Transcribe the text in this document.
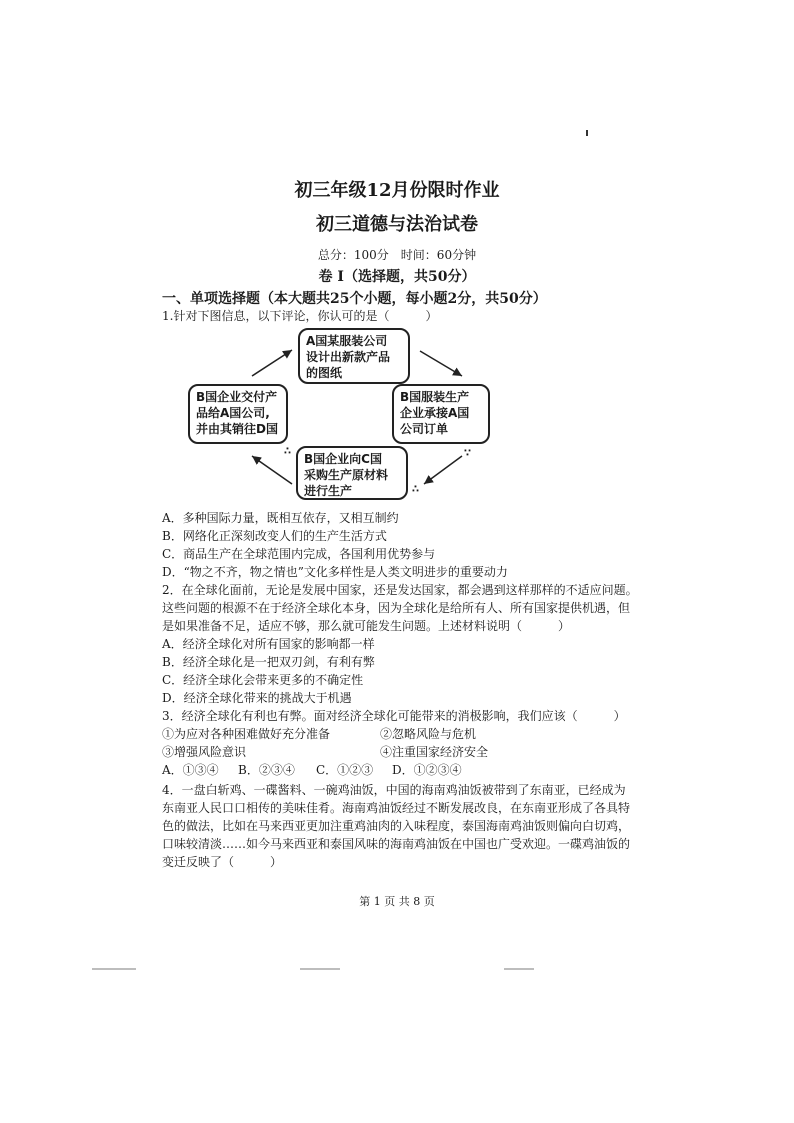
初三年级12月份限时作业
初三道德与法治试卷
总分：100分　时间：60分钟
卷 Ⅰ（选择题，共50分）
一、单项选择题（本大题共25个小题，每小题2分，共50分）
1.针对下图信息，以下评论，你认可的是（　　　）
A国某服装公司
设计出新款产品
的图纸
B国服装生产
企业承接A国
公司订单
B国企业向C国
采购生产原材料
进行生产
B国企业交付产
品给A国公司,
并由其销往D国
∴	∵
∴
A．多种国际力量，既相互依存，又相互制约
B．网络化正深刻改变人们的生产生活方式
C．商品生产在全球范围内完成，各国利用优势参与
D．“物之不齐，物之情也”文化多样性是人类文明进步的重要动力
2．在全球化面前，无论是发展中国家，还是发达国家，都会遇到这样那样的不适应问题。
这些问题的根源不在于经济全球化本身，因为全球化是给所有人、所有国家提供机遇，但
是如果准备不足，适应不够，那么就可能发生问题。上述材料说明（　　　）
A．经济全球化对所有国家的影响都一样
B．经济全球化是一把双刃剑，有利有弊
C．经济全球化会带来更多的不确定性
D．经济全球化带来的挑战大于机遇
3．经济全球化有利也有弊。面对经济全球化可能带来的消极影响，我们应该（　　　）
①为应对各种困难做好充分准备	②忽略风险与危机
③增强风险意识	④注重国家经济安全
A．①③④ B．②③④ C．①②③ D．①②③④
4．一盘白斩鸡、一碟酱料、一碗鸡油饭，中国的海南鸡油饭被带到了东南亚，已经成为
东南亚人民口口相传的美味佳肴。海南鸡油饭经过不断发展改良，在东南亚形成了各具特
色的做法，比如在马来西亚更加注重鸡油肉的入味程度，泰国海南鸡油饭则偏向白切鸡，
口味较清淡……如今马来西亚和泰国风味的海南鸡油饭在中国也广受欢迎。一碟鸡油饭的
变迁反映了（　　　）
第 1 页 共 8 页
